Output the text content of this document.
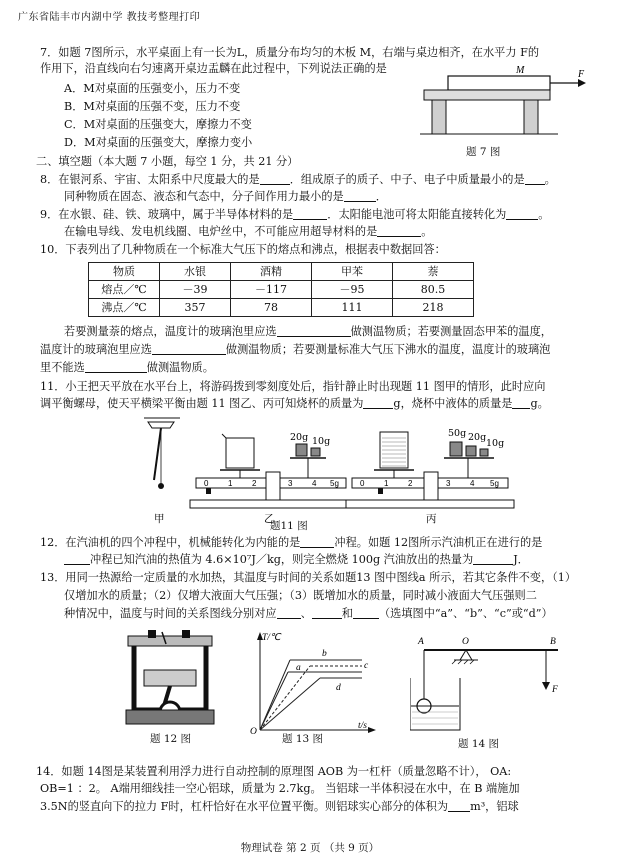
广东省陆丰市内湖中学 教技考整理打印
7．如题 7图所示，水平桌面上有一长为L，质量分布均匀的木板 M，右端与桌边相齐，在水平力 F的
作用下，沿直线向右匀速离开桌边盂麟在此过程中，下列说法正确的是
A．M对桌面的压强变小，压力不变
B．M对桌面的压强不变，压力不变
C．M对桌面的压强变大，摩擦力不变
D．M对桌面的压强变大，摩擦力变小
M	F
题 7 图
二、填空题（本大题 7 小题，每空 1 分，共 21 分）
8．在银河系、宇宙、太阳系中尺度最大的是	．组成原子的质子、中子、电子中质量最小的是 。
同种物质在固态、液态和气态中，分子间作用力最小的是	．
9．在水银、硅、铁、玻璃中，属于半导体材料的是	．太阳能电池可将太阳能直接转化为	。
在输电导线、发电机线圈、电炉丝中，不可能应用超导材料的是	。
10．下表列出了几种物质在一个标准大气压下的熔点和沸点，根据表中数据回答：
物质	水银	酒精	甲苯	萘
熔点／℃	－39	－117	－95	80.5
沸点／℃	357	78	111	218
若要测量萘的熔点，温度计的玻璃泡里应选	做测温物质；若要测量固态甲苯的温度，
温度计的玻璃泡里应选	做测温物质；若要测量标准大气压下沸水的温度，温度计的玻璃泡
里不能选	做测温物质。
11．小王把天平放在水平台上，将游码拨到零刻度处后，指针静止时出现题 11 图甲的情形，此时应向
调平衡螺母，使天平横梁平衡由题 11 图乙、丙可知烧杯的质量为	g，烧杯中液体的质量是 g。
甲
20g 10g
0 1 2	3 4 5g
乙
50g 20g
10g
0 1 2	3 4 5g
丙
题11 图
12．在汽油机的四个冲程中，机械能转化为内能的是	冲程。如题 12图所示汽油机正在进行的是
冲程已知汽油的热值为 4.6×10⁷J／kg，则完全燃烧 100g 汽油放出的热量为	J．
13．用同一热源给一定质量的水加热，其温度与时间的关系如题13 图中图线a 所示，若其它条件不变，（1）
仅增加水的质量；（2）仅增大液面大气压强；（3）既增加水的质量，同时减小液面大气压强则二
种情况中，温度与时间的关系图线分别对应 、	和 （选填图中“a”、“b”、“c”或“d”）
题 12 图
T/℃
t/s
O
b
a	c
d
题 13 图
A	O	B
F
题 14 图
14．如题 14图是某装置利用浮力进行自动控制的原理图 AOB 为一杠杆（质量忽略不计）， OA:
OB=1 ：2。 A端用细线挂一空心铝球，质量为 2.7kg。 当铝球一半体积浸在水中，在 B 端施加
3.5N的竖直向下的拉力 F时，杠杆恰好在水平位置平衡。则铝球实心部分的体积为 m³，铝球
物理试卷 第 2 页 （共 9 页）
